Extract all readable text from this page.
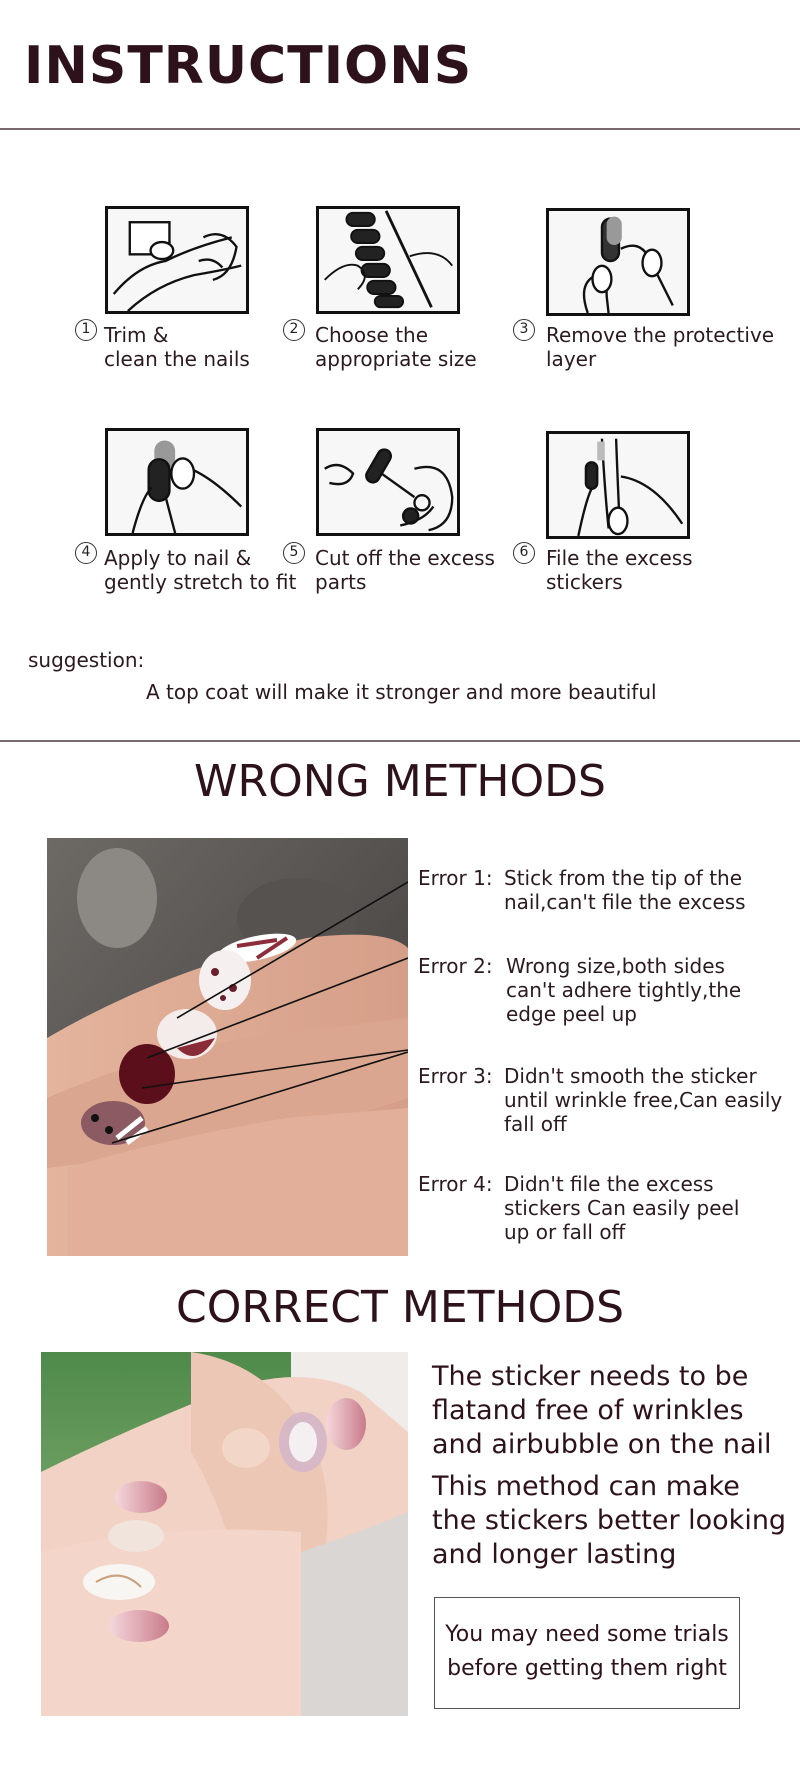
INSTRUCTIONS
1 Trim &
clean the nails
2 Choose the
appropriate size
3 Remove the protective
layer
4 Apply to nail &
gently stretch to fit
5 Cut off the excess
parts
6 File the excess
stickers
suggestion:
A top coat will make it stronger and more beautiful
WRONG METHODS
Error 1: Stick from the tip of the
nail,can't file the excess
Error 2: Wrong size,both sides
can't adhere tightly,the
edge peel up
Error 3: Didn't smooth the sticker
until wrinkle free,Can easily
fall off
Error 4: Didn't file the excess
stickers Can easily peel
up or fall off
CORRECT METHODS
The sticker needs to be
flatand free of wrinkles
and airbubble on the nail
This method can make
the stickers better looking
and longer lasting
You may need some trials
before getting them right
